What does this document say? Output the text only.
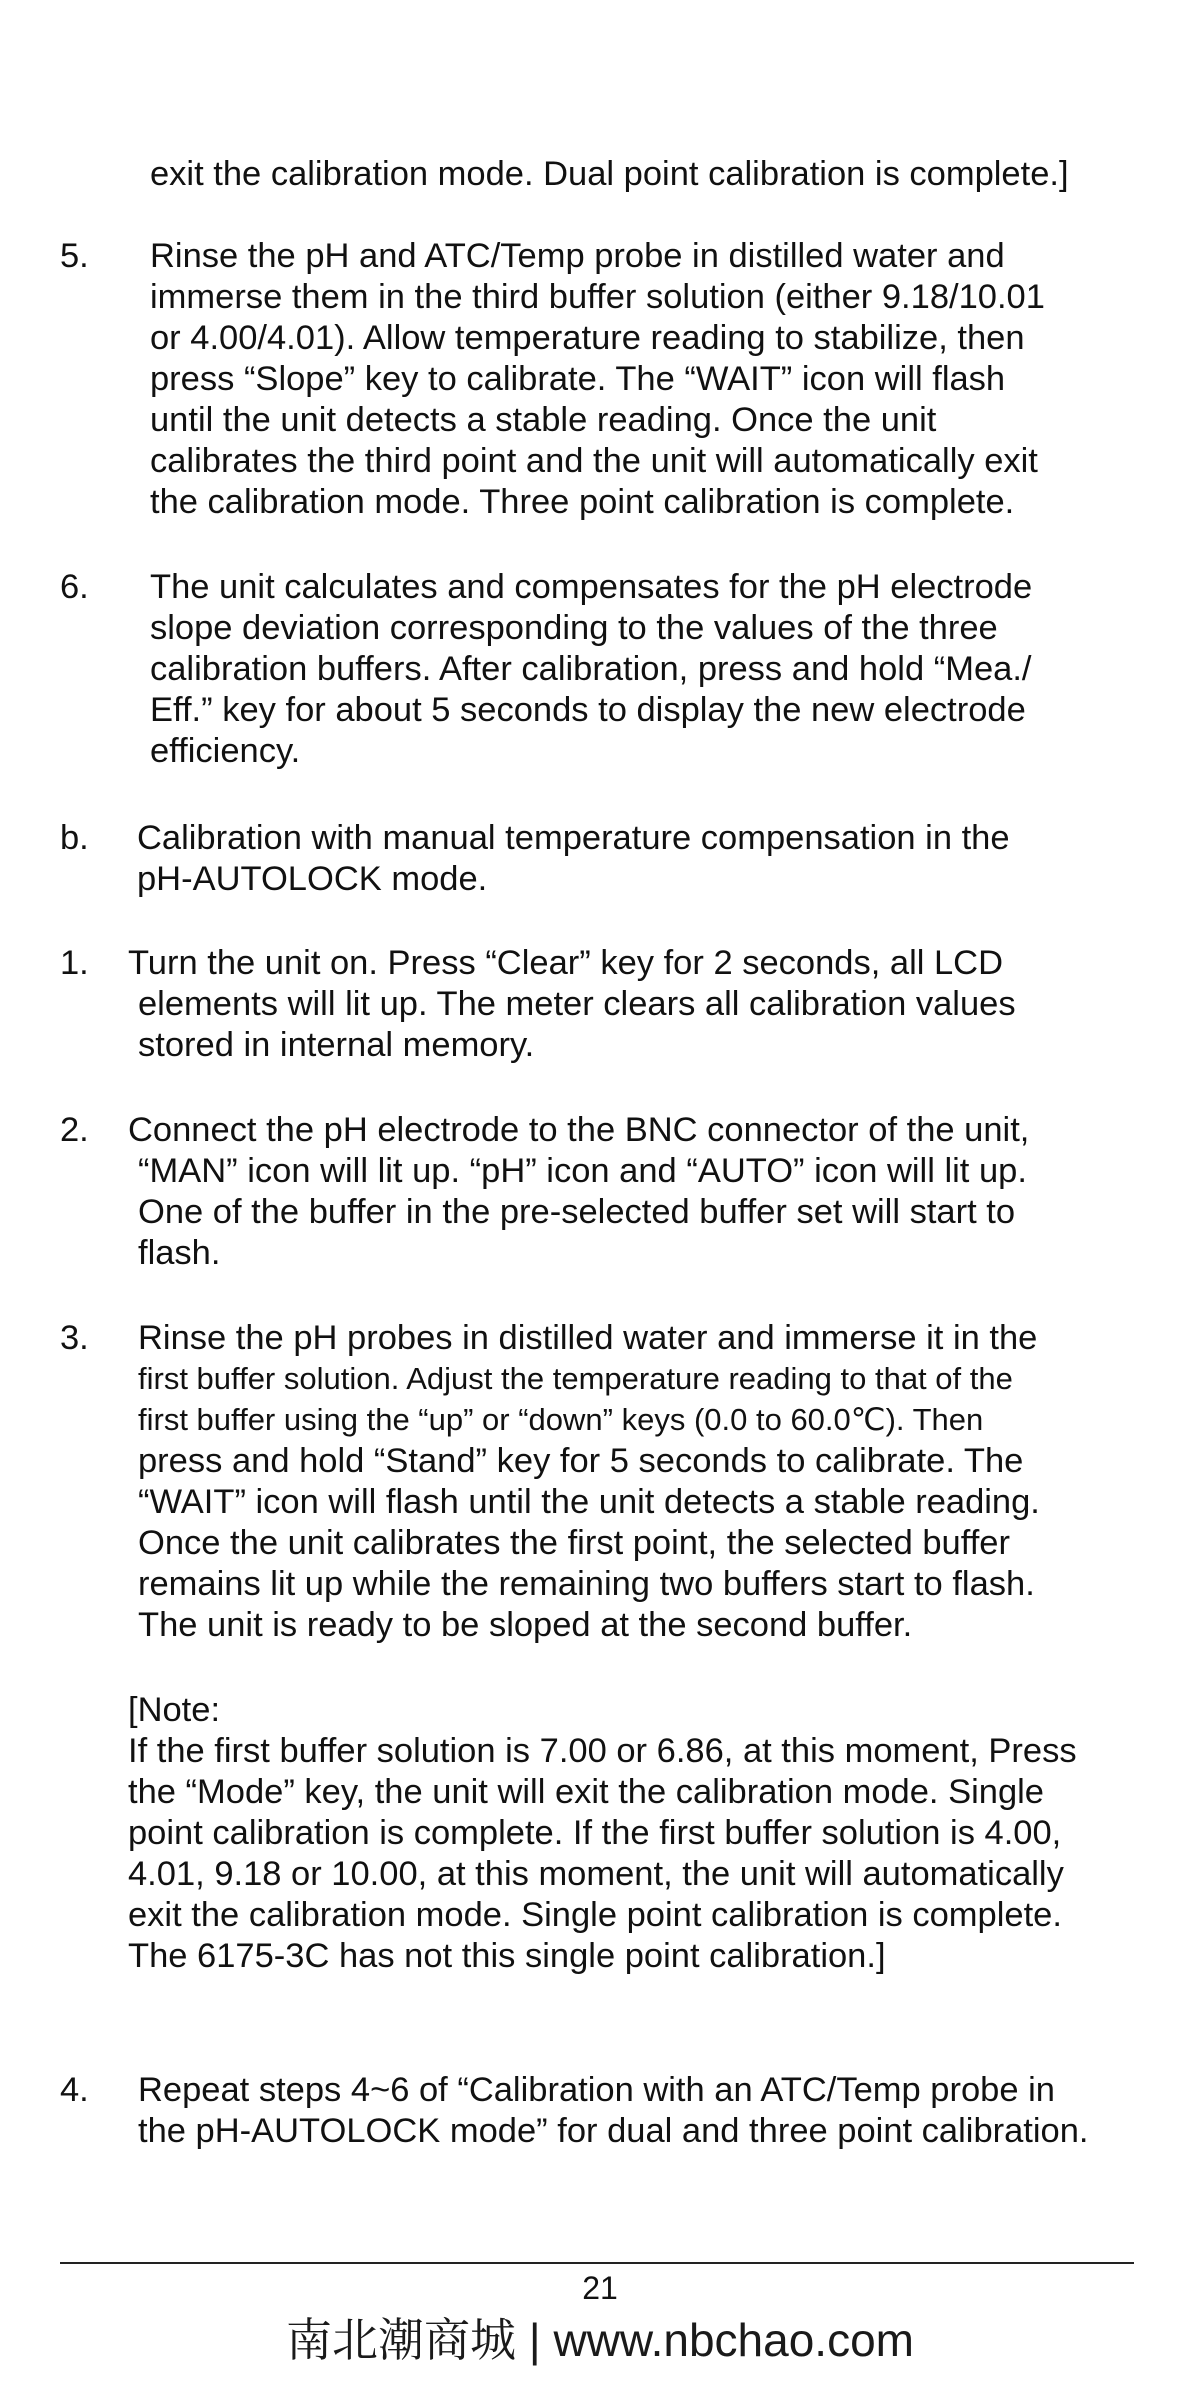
exit the calibration mode. Dual point calibration is complete.]
5. Rinse the pH and ATC/Temp probe in distilled water and
immerse them in the third buffer solution (either 9.18/10.01
or 4.00/4.01). Allow temperature reading to stabilize, then
press “Slope” key to calibrate. The “WAIT” icon will flash
until the unit detects a stable reading. Once the unit
calibrates the third point and the unit will automatically exit
the calibration mode. Three point calibration is complete.
6. The unit calculates and compensates for the pH electrode
slope deviation corresponding to the values of the three
calibration buffers. After calibration, press and hold “Mea./
Eff.” key for about 5 seconds to display the new electrode
efficiency.
b. Calibration with manual temperature compensation in the
pH-AUTOLOCK mode.
1. Turn the unit on. Press “Clear” key for 2 seconds, all LCD
elements will lit up. The meter clears all calibration values
stored in internal memory.
2. Connect the pH electrode to the BNC connector of the unit,
“MAN” icon will lit up. “pH” icon and “AUTO” icon will lit up.
One of the buffer in the pre-selected buffer set will start to
flash.
3. Rinse the pH probes in distilled water and immerse it in the
first buffer solution. Adjust the temperature reading to that of the
first buffer using the “up” or “down” keys (0.0 to 60.0℃). Then
press and hold “Stand” key for 5 seconds to calibrate. The
“WAIT” icon will flash until the unit detects a stable reading.
Once the unit calibrates the first point, the selected buffer
remains lit up while the remaining two buffers start to flash.
The unit is ready to be sloped at the second buffer.
[Note:
If the first buffer solution is 7.00 or 6.86, at this moment, Press
the “Mode” key, the unit will exit the calibration mode. Single
point calibration is complete. If the first buffer solution is 4.00,
4.01, 9.18 or 10.00, at this moment, the unit will automatically
exit the calibration mode. Single point calibration is complete.
The 6175-3C has not this single point calibration.]
4. Repeat steps 4~6 of “Calibration with an ATC/Temp probe in
the pH-AUTOLOCK mode” for dual and three point calibration.
21
南北潮商城 | www.nbchao.com
